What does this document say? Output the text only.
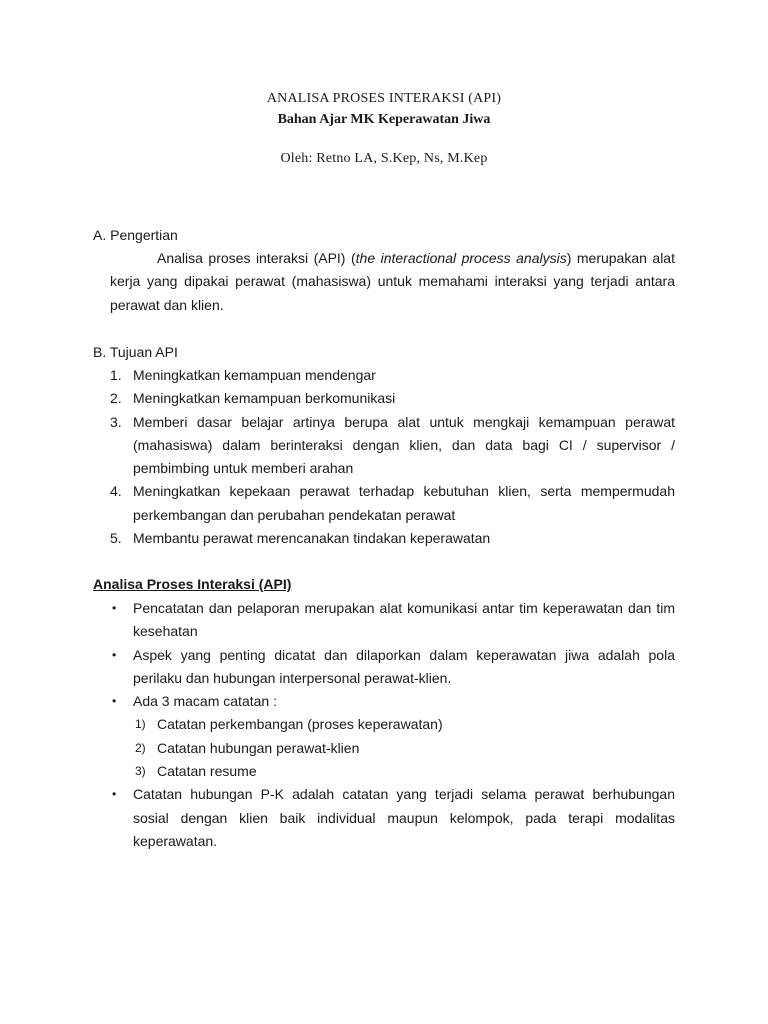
ANALISA PROSES INTERAKSI (API)
Bahan Ajar MK Keperawatan Jiwa
Oleh: Retno LA, S.Kep, Ns, M.Kep
A. Pengertian
Analisa proses interaksi (API) (the interactional process analysis) merupakan alat kerja yang dipakai perawat (mahasiswa) untuk memahami interaksi yang terjadi antara perawat dan klien.
B. Tujuan API
1. Meningkatkan kemampuan mendengar
2. Meningkatkan kemampuan berkomunikasi
3. Memberi dasar belajar artinya berupa alat untuk mengkaji kemampuan perawat (mahasiswa) dalam berinteraksi dengan klien, dan data bagi CI / supervisor / pembimbing untuk memberi arahan
4. Meningkatkan kepekaan perawat terhadap kebutuhan klien, serta mempermudah perkembangan dan perubahan pendekatan perawat
5. Membantu perawat merencanakan tindakan keperawatan
Analisa Proses Interaksi (API)
• Pencatatan dan pelaporan merupakan alat komunikasi antar tim keperawatan dan tim kesehatan
• Aspek yang penting dicatat dan dilaporkan dalam keperawatan jiwa adalah pola perilaku dan hubungan interpersonal perawat-klien.
• Ada 3 macam catatan :
1) Catatan perkembangan (proses keperawatan)
2) Catatan hubungan perawat-klien
3) Catatan resume
• Catatan hubungan P-K adalah catatan yang terjadi selama perawat berhubungan sosial dengan klien baik individual maupun kelompok, pada terapi modalitas keperawatan.
